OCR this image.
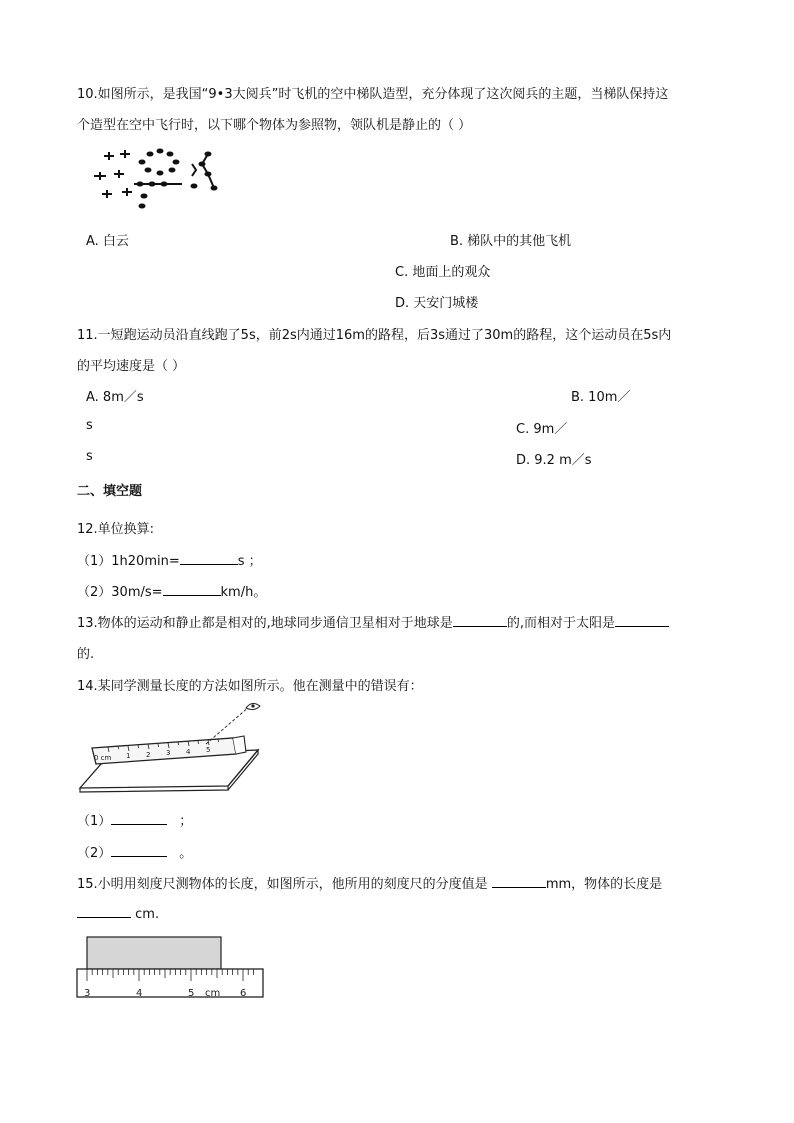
10.如图所示，是我国“9•3大阅兵”时飞机的空中梯队造型，充分体现了这次阅兵的主题，当梯队保持这
个造型在空中飞行时，以下哪个物体为参照物，领队机是静止的（ ）
A. 白云	B. 梯队中的其他飞机
C. 地面上的观众
D. 天安门城楼
11.一短跑运动员沿直线跑了5s，前2s内通过16m的路程，后3s通过了30m的路程，这个运动员在5s内
的平均速度是（ ）
A. 8m／s	B. 10m／
s	C. 9m／
s	D. 9.2 m／s
二、填空题
12.单位换算:
（1）1h20min=	s ；
（2）30m/s=	km/h。
13.物体的运动和静止都是相对的,地球同步通信卫星相对于地球是	的,而相对于太阳是
的.
14.某同学测量长度的方法如图所示。他在测量中的错误有：
0 cm 1 2 3 4 5
（1）	；
（2）	。
15.小明用刻度尺测物体的长度，如图所示，他所用的刻度尺的分度值是	mm，物体的长度是
cm.
3	4	5 cm 6
